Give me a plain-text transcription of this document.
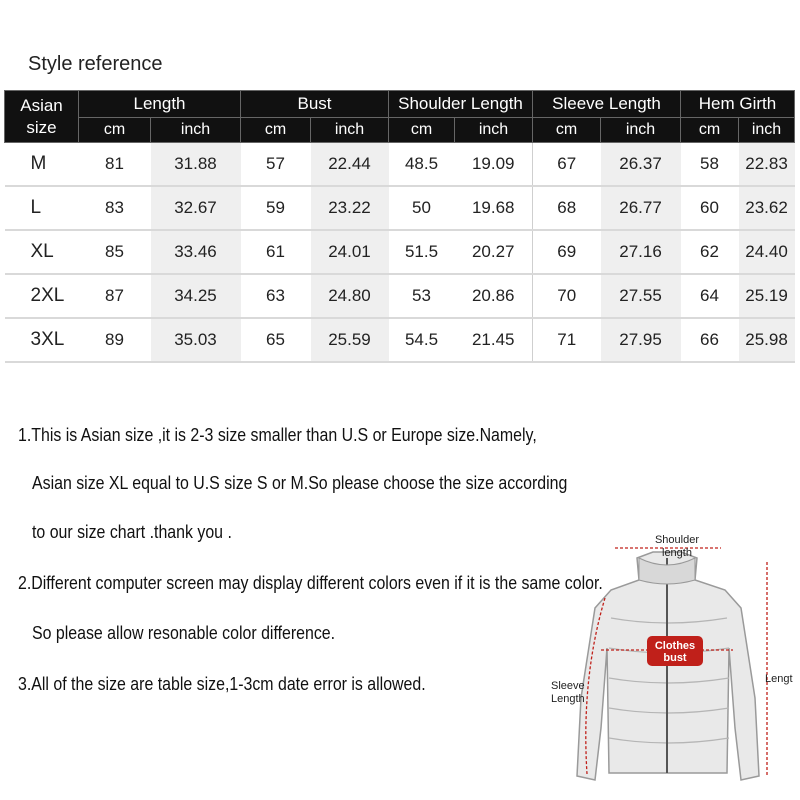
Style reference
Asian
size	Length		Bust		Shoulder Length		Sleeve Length		Hem Girth	
	cm	inch	cm	inch	cm	inch	cm	inch	cm	inch
M	81	31.88	57	22.44	48.5	19.09	67	26.37	58	22.83
L	83	32.67	59	23.22	50	19.68	68	26.77	60	23.62
XL	85	33.46	61	24.01	51.5	20.27	69	27.16	62	24.40
2XL	87	34.25	63	24.80	53	20.86	70	27.55	64	25.19
3XL	89	35.03	65	25.59	54.5	21.45	71	27.95	66	25.98
1.This is Asian size ,it is 2-3 size smaller than U.S or Europe size.Namely,
Asian size XL equal to U.S size S or M.So please choose the size according
to our size chart .thank you .
2.Different computer screen may display different colors even if it is the same color.
So please allow resonable color difference.
3.All of the size are table size,1-3cm date error is allowed.
Shoulder
length
Clothes
bust
Sleeve
Length
Lengt
